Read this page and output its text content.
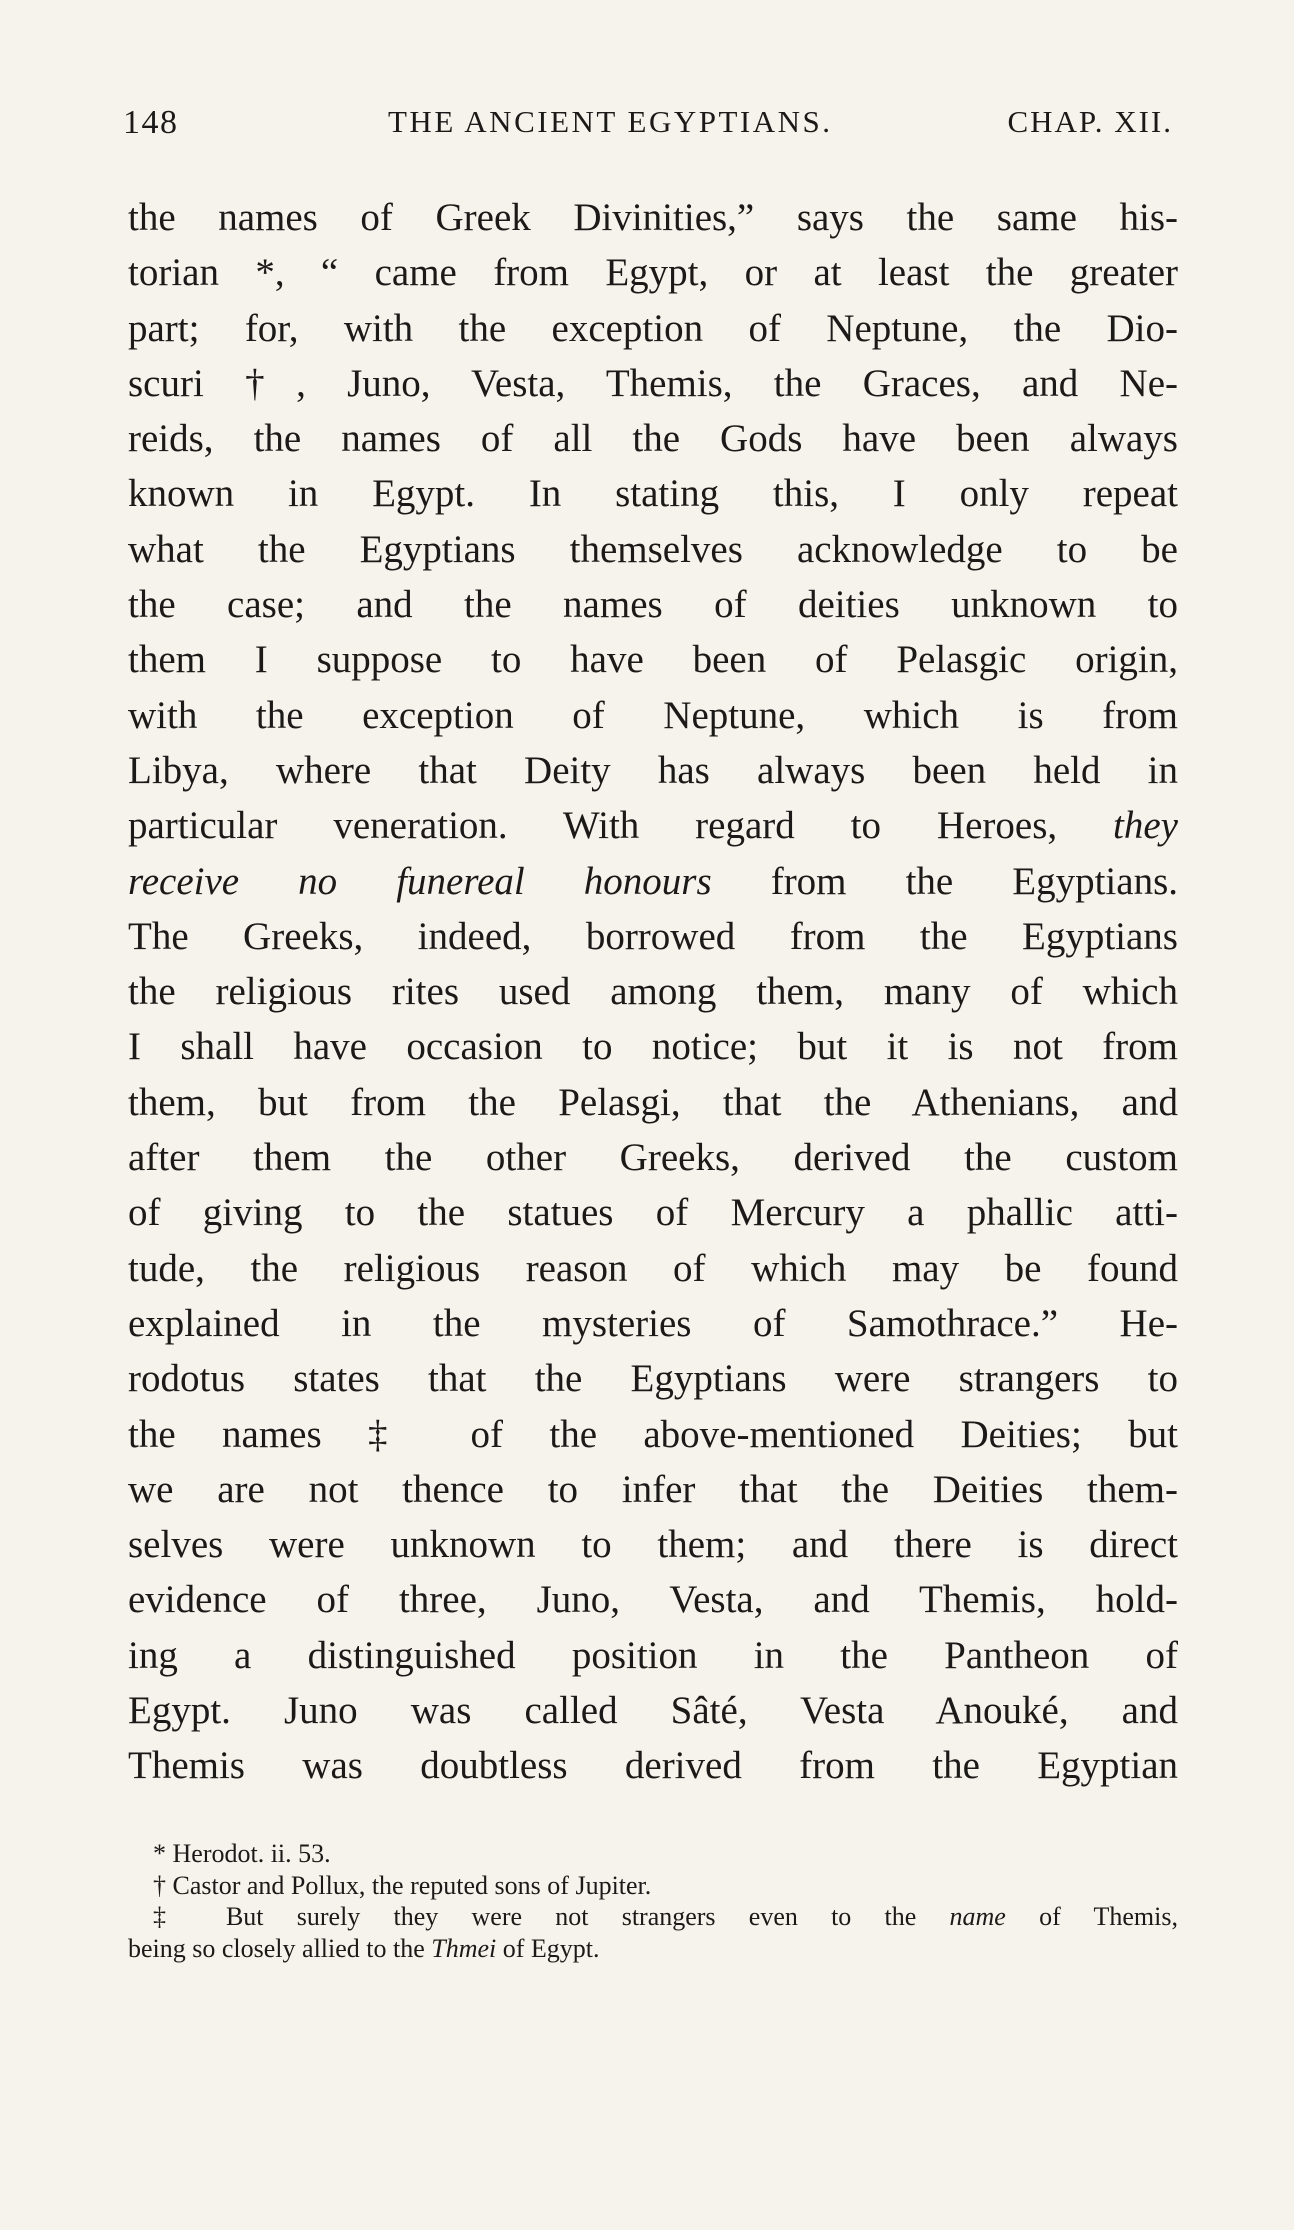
148	THE ANCIENT EGYPTIANS.	CHAP. XII.
the names of Greek Divinities,” says the same his-
torian *, “ came from Egypt, or at least the greater
part; for, with the exception of Neptune, the Dio-
scuri †, Juno, Vesta, Themis, the Graces, and Ne-
reids, the names of all the Gods have been always
known in Egypt. In stating this, I only repeat
what the Egyptians themselves acknowledge to be
the case; and the names of deities unknown to
them I suppose to have been of Pelasgic origin,
with the exception of Neptune, which is from
Libya, where that Deity has always been held in
particular veneration. With regard to Heroes, they
receive no funereal honours from the Egyptians.
The Greeks, indeed, borrowed from the Egyptians
the religious rites used among them, many of which
I shall have occasion to notice; but it is not from
them, but from the Pelasgi, that the Athenians, and
after them the other Greeks, derived the custom
of giving to the statues of Mercury a phallic atti-
tude, the religious reason of which may be found
explained in the mysteries of Samothrace.” He-
rodotus states that the Egyptians were strangers to
the names ‡ of the above-mentioned Deities; but
we are not thence to infer that the Deities them-
selves were unknown to them; and there is direct
evidence of three, Juno, Vesta, and Themis, hold-
ing a distinguished position in the Pantheon of
Egypt. Juno was called Sâté, Vesta Anouké, and
Themis was doubtless derived from the Egyptian
* Herodot. ii. 53.
† Castor and Pollux, the reputed sons of Jupiter.
‡ But surely they were not strangers even to the name of Themis,
being so closely allied to the Thmei of Egypt.
